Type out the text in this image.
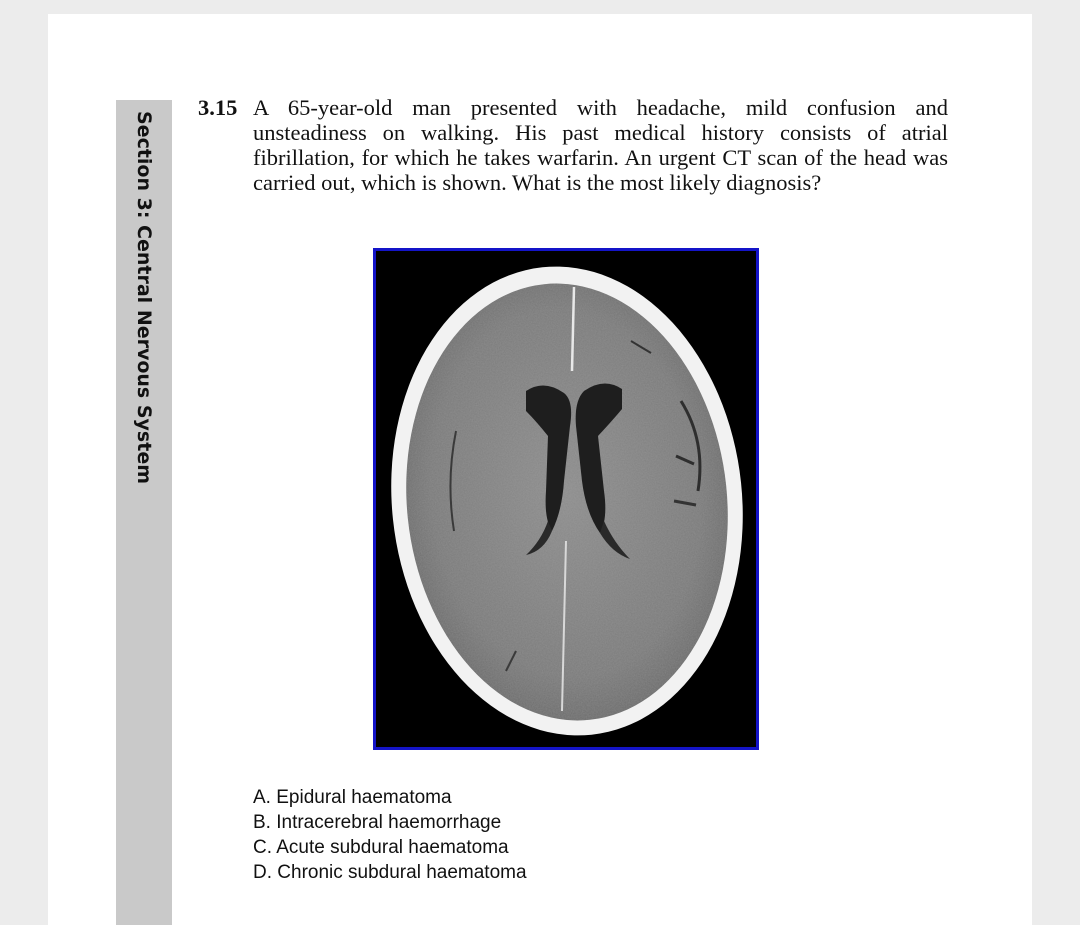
Section 3: Central Nervous System
3.15 A 65-year-old man presented with headache, mild confusion and unsteadiness on walking. His past medical history consists of atrial fibrillation, for which he takes warfarin. An urgent CT scan of the head was carried out, which is shown. What is the most likely diagnosis?
A. Epidural haematoma
B. Intracerebral haemorrhage
C. Acute subdural haematoma
D. Chronic subdural haematoma
